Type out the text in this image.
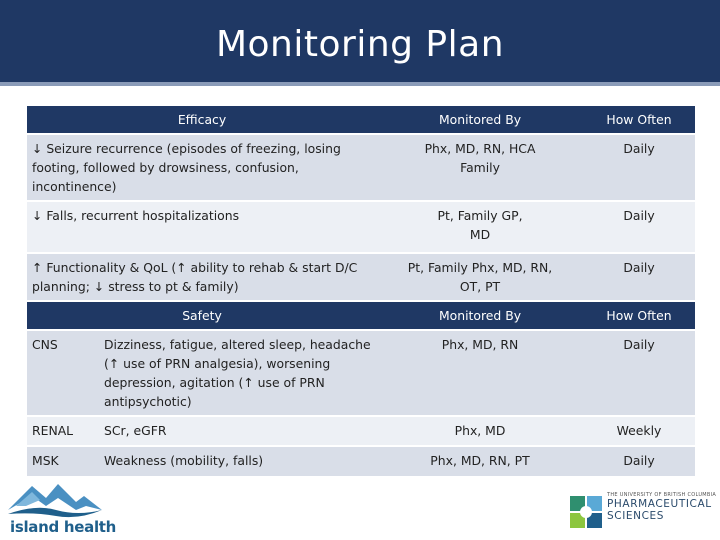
Monitoring Plan
Efficacy		Monitored By	How Often
↓ Seizure recurrence (episodes of freezing, losing footing, followed by drowsiness, confusion, incontinence)		Phx, MD, RN, HCA Family	Daily
↓ Falls, recurrent hospitalizations		Pt, Family GP, MD	Daily
↑ Functionality & QoL (↑ ability to rehab & start D/C planning; ↓ stress to pt & family)		Pt, Family Phx, MD, RN, OT, PT	Daily
Safety		Monitored By	How Often
CNS	Dizziness, fatigue, altered sleep, headache (↑ use of PRN analgesia), worsening depression, agitation (↑ use of PRN antipsychotic)	Phx, MD, RN	Daily
RENAL	SCr, eGFR	Phx, MD	Weekly
MSK	Weakness (mobility, falls)	Phx, MD, RN, PT	Daily
island health
THE UNIVERSITY OF BRITISH COLUMBIA
PHARMACEUTICAL
SCIENCES
